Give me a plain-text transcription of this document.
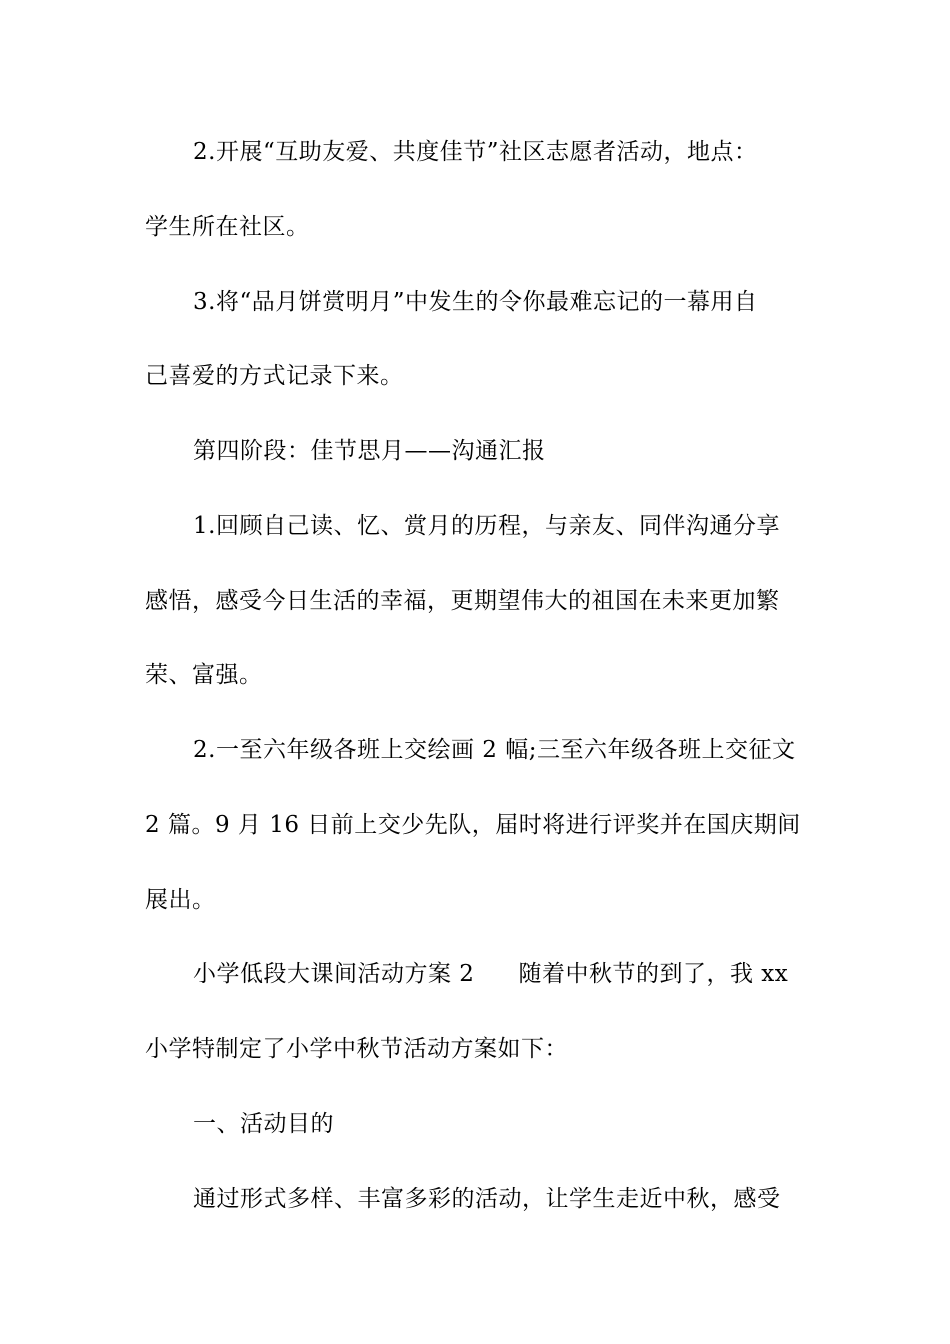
2.开展“互助友爱、共度佳节”社区志愿者活动，地点：
学生所在社区。
3.将“品月饼赏明月”中发生的令你最难忘记的一幕用自
己喜爱的方式记录下来。
第四阶段：佳节思月——沟通汇报
1.回顾自己读、忆、赏月的历程，与亲友、同伴沟通分享
感悟，感受今日生活的幸福，更期望伟大的祖国在未来更加繁
荣、富强。
2.一至六年级各班上交绘画 2 幅;三至六年级各班上交征文
2 篇。9 月 16 日前上交少先队，届时将进行评奖并在国庆期间
展出。
小学低段大课间活动方案 2 随着中秋节的到了，我 xx
小学特制定了小学中秋节活动方案如下：
一、活动目的
通过形式多样、丰富多彩的活动，让学生走近中秋，感受
